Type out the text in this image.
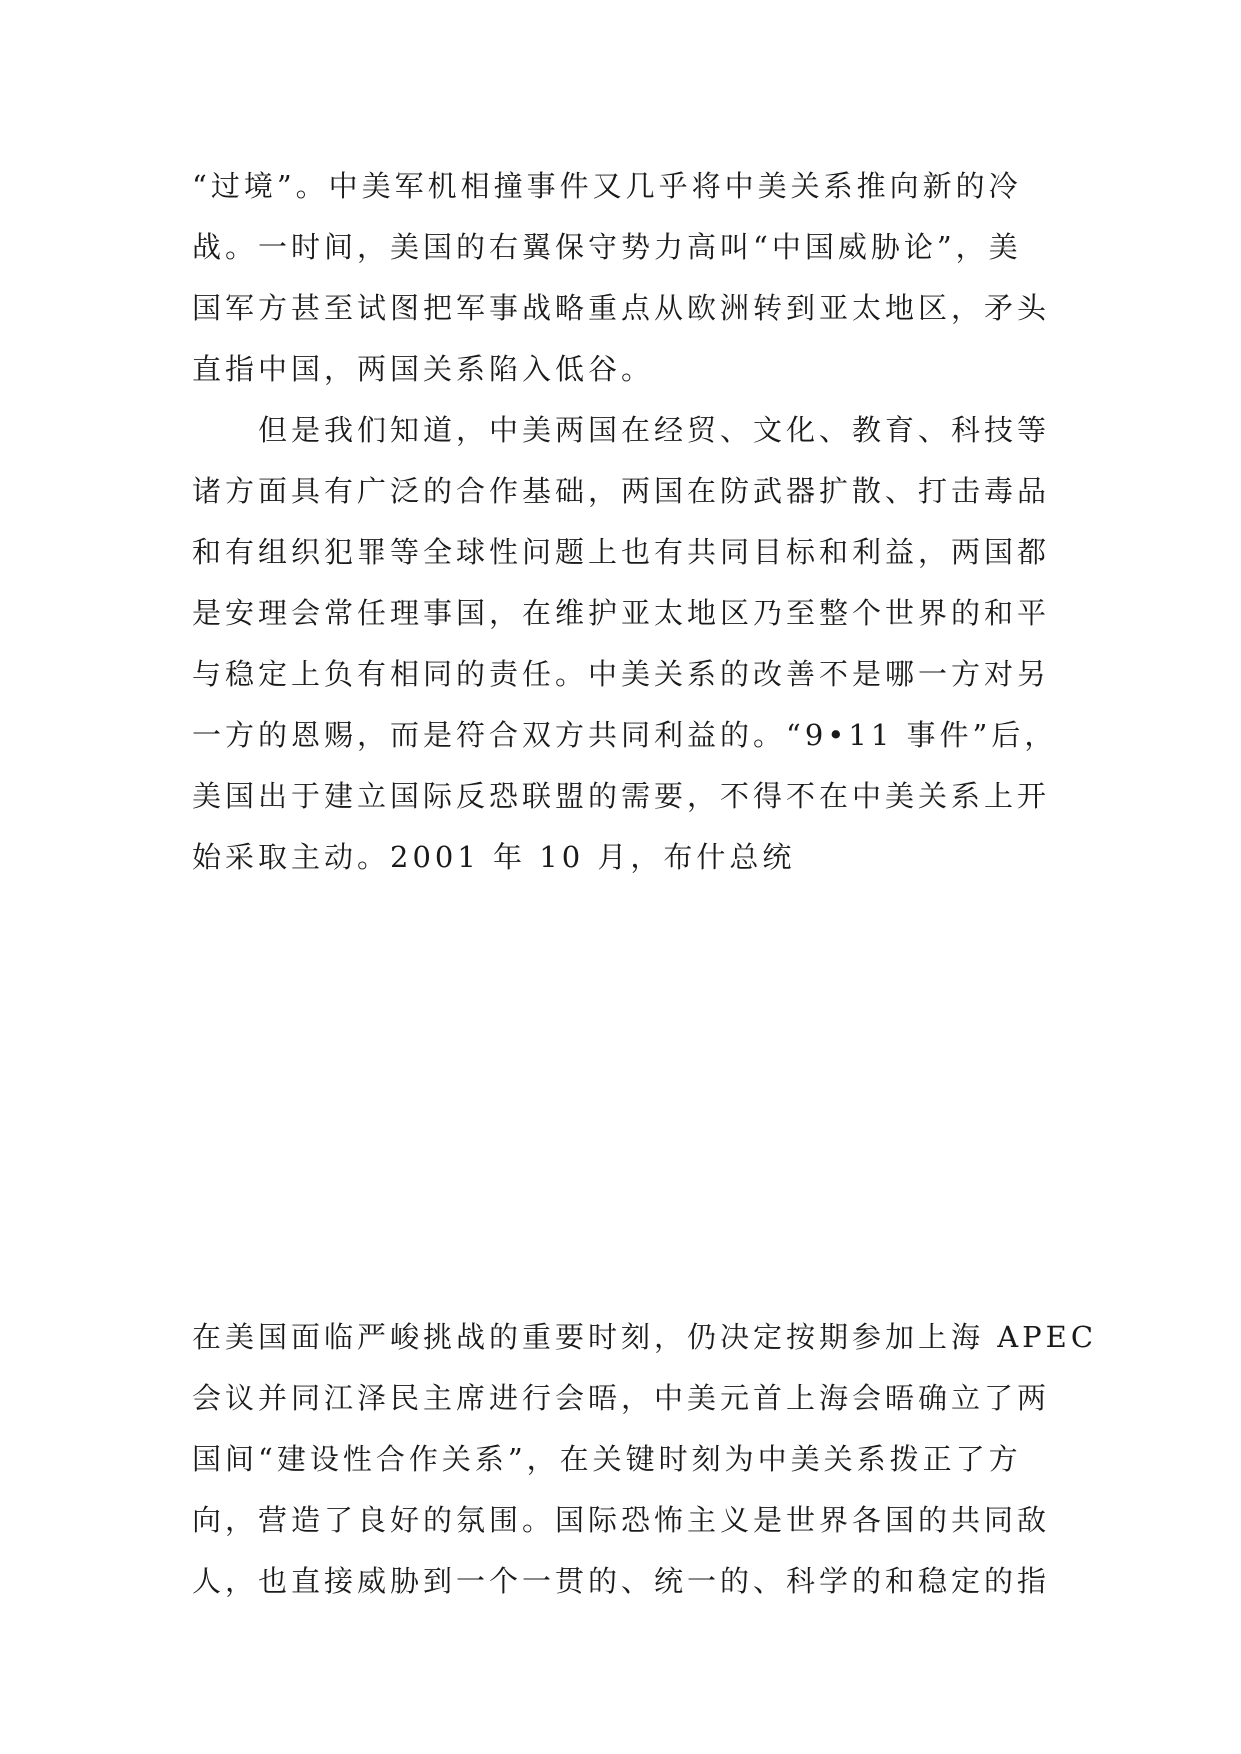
“过境”。中美军机相撞事件又几乎将中美关系推向新的冷
战。一时间，美国的右翼保守势力高叫“中国威胁论”，美
国军方甚至试图把军事战略重点从欧洲转到亚太地区，矛头
直指中国，两国关系陷入低谷。
但是我们知道，中美两国在经贸、文化、教育、科技等
诸方面具有广泛的合作基础，两国在防武器扩散、打击毒品
和有组织犯罪等全球性问题上也有共同目标和利益，两国都
是安理会常任理事国，在维护亚太地区乃至整个世界的和平
与稳定上负有相同的责任。中美关系的改善不是哪一方对另
一方的恩赐，而是符合双方共同利益的。“9•11 事件”后，
美国出于建立国际反恐联盟的需要，不得不在中美关系上开
始采取主动。2001 年 10 月，布什总统
在美国面临严峻挑战的重要时刻，仍决定按期参加上海 APEC
会议并同江泽民主席进行会晤，中美元首上海会晤确立了两
国间“建设性合作关系”，在关键时刻为中美关系拨正了方
向，营造了良好的氛围。国际恐怖主义是世界各国的共同敌
人，也直接威胁到一个一贯的、统一的、科学的和稳定的指
